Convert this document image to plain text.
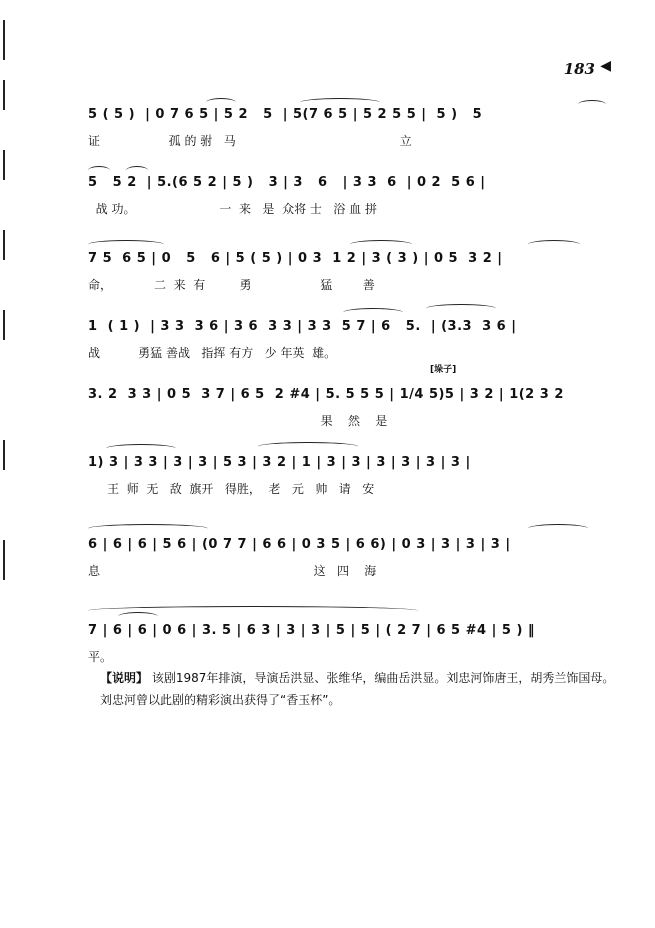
183 ◀
5 ( 5 )  | 0 7 6 5 | 5 2   5  | 5(7 6 5 | 5 2 5 5 |  5 )   5
证                  孤 的 驸   马                                           立
5   5 2  | 5.(6 5 2 | 5 )   3 | 3   6   | 3 3  6  | 0 2  5 6 |
战 功。                      一  来   是  众将 士   浴 血 拼
7 5  6 5 | 0   5   6 | 5 ( 5 ) | 0 3  1 2 | 3 ( 3 ) | 0 5  3 2 |
命，           二  来  有         勇                  猛        善
1  ( 1 )  | 3 3  3 6 | 3 6  3 3 | 3 3  5 7 | 6   5.  | (3.3  3 6 |
战          勇猛 善战   指挥 有方   少 年英  雄。
[垛子]
3. 2  3 3 | 0 5  3 7 | 6 5  2 #4 | 5. 5 5 5 | 1/4 5)5 | 3 2 | 1(2 3 2
果    然    是
1) 3 | 3 3 | 3 | 3 | 5 3 | 3 2 | 1 | 3 | 3 | 3 | 3 | 3 | 3 |
王  师  无   敌  旗开   得胜，  老   元   帅   请   安
6 | 6 | 6 | 5 6 | (0 7 7 | 6 6 | 0 3 5 | 6 6) | 0 3 | 3 | 3 | 3 |
息                                                        这   四    海
7 | 6 | 6 | 0 6 | 3. 5 | 6 3 | 3 | 3 | 5 | 5 | ( 2 7 | 6 5 #4 | 5 ) ‖
平。
【说明】 该剧1987年排演，导演岳洪显、张维华，编曲岳洪显。刘忠河饰唐王，胡秀兰饰国母。刘忠河曾以此剧的精彩演出获得了“香玉杯”。
